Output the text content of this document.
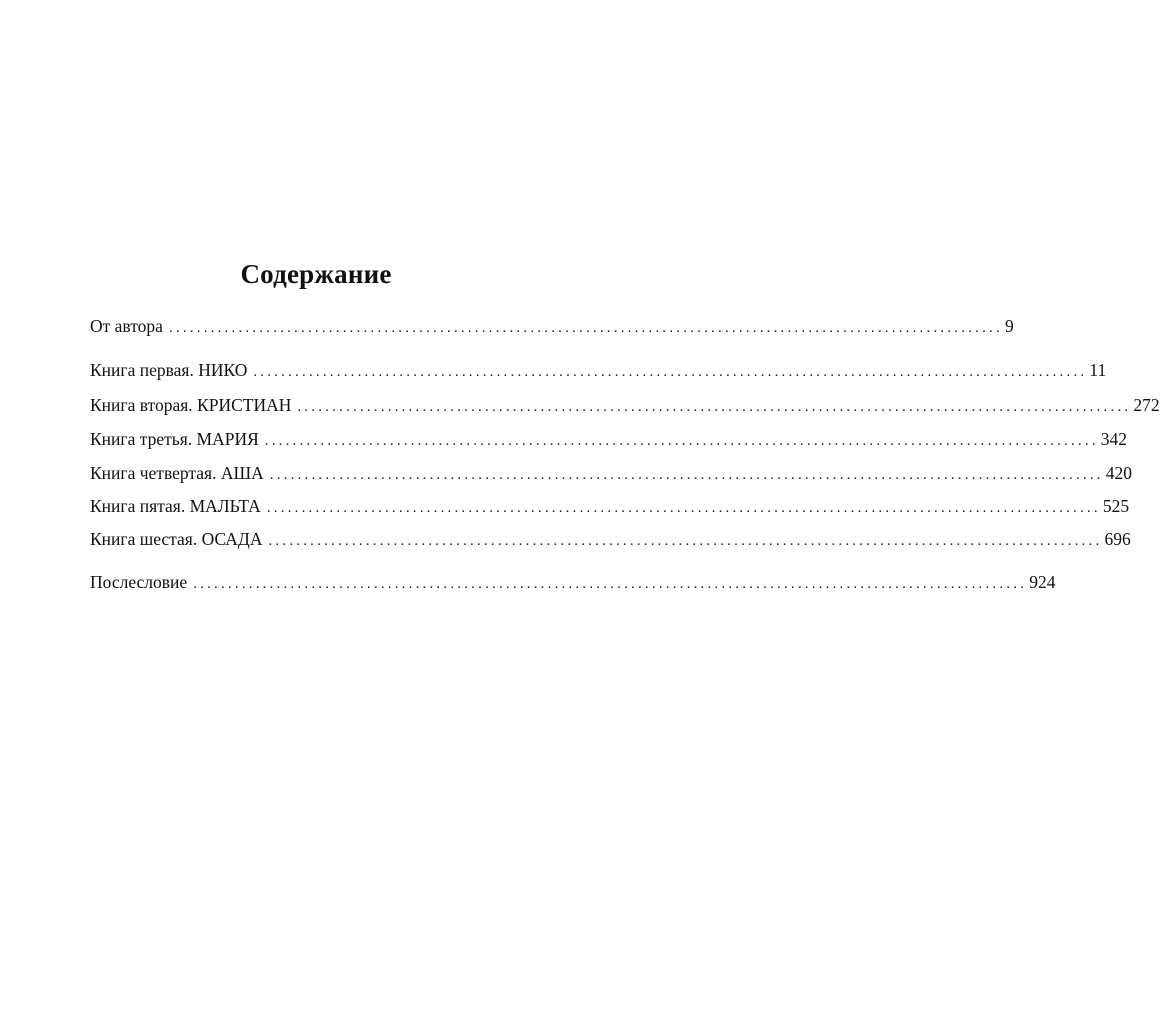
Содержание
От автора ........................................................................................................................ 9
Книга первая. НИКО ........................................................................................................................ 11
Книга вторая. КРИСТИАН ........................................................................................................................ 272
Книга третья. МАРИЯ ........................................................................................................................ 342
Книга четвертая. АША ........................................................................................................................ 420
Книга пятая. МАЛЬТА ........................................................................................................................ 525
Книга шестая. ОСАДА ........................................................................................................................ 696
Послесловие ........................................................................................................................ 924
